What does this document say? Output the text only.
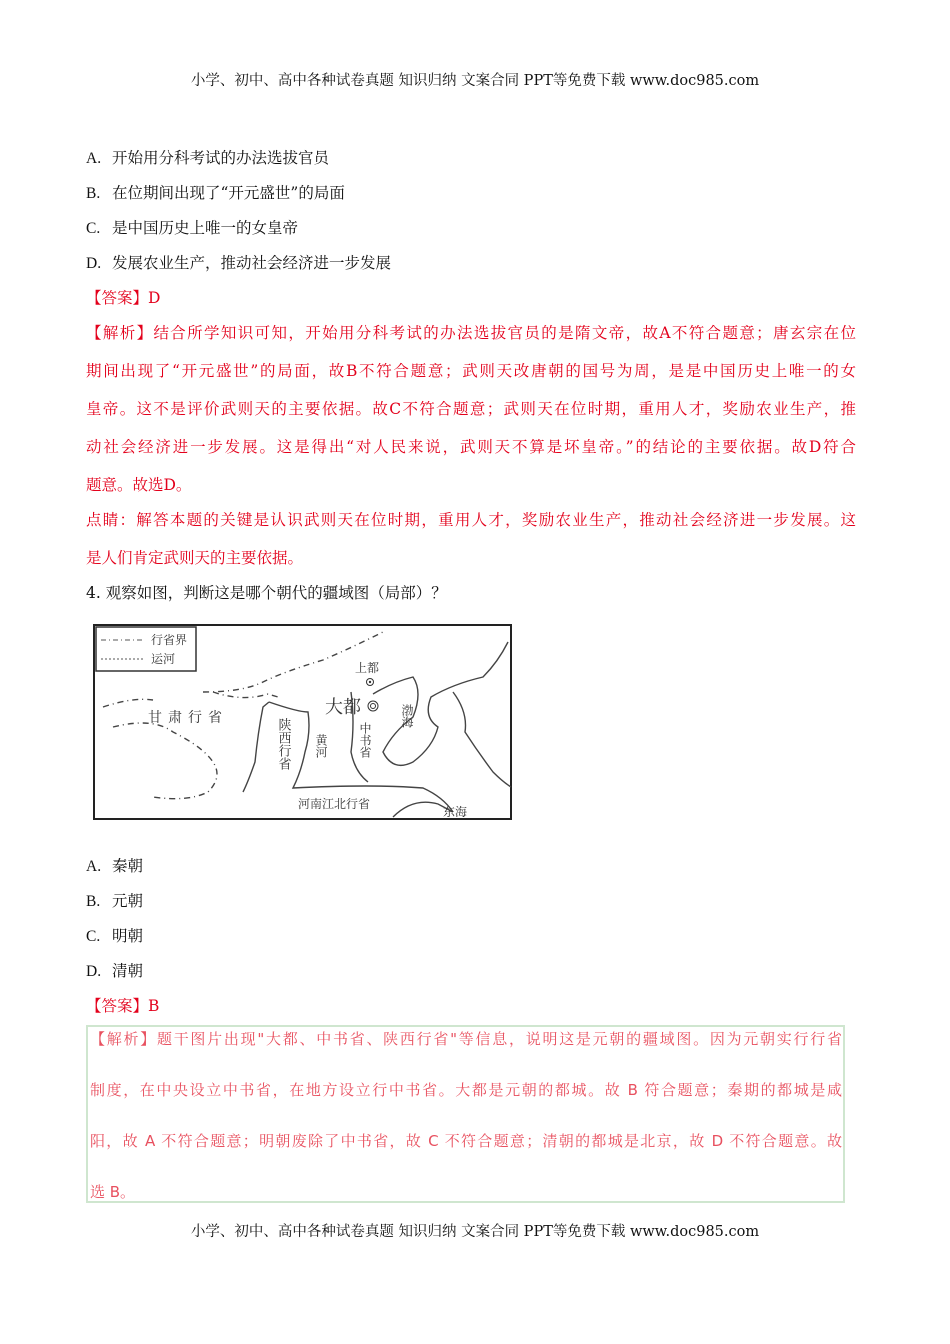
小学、初中、高中各种试卷真题 知识归纳 文案合同 PPT等免费下载 www.doc985.com
A. 开始用分科考试的办法选拔官员
B. 在位期间出现了“开元盛世”的局面
C. 是中国历史上唯一的女皇帝
D. 发展农业生产，推动社会经济进一步发展
【答案】D
【解析】结合所学知识可知，开始用分科考试的办法选拔官员的是隋文帝，故A不符合题意；唐玄宗在位
期间出现了“开元盛世”的局面，故B不符合题意；武则天改唐朝的国号为周，是是中国历史上唯一的女
皇帝。这不是评价武则天的主要依据。故C不符合题意；武则天在位时期，重用人才，奖励农业生产，推
动社会经济进一步发展。这是得出“对人民来说，武则天不算是坏皇帝。”的结论的主要依据。故D符合
题意。故选D。
点睛：解答本题的关键是认识武则天在位时期，重用人才，奖励农业生产，推动社会经济进一步发展。这
是人们肯定武则天的主要依据。
4. 观察如图，判断这是哪个朝代的疆域图（局部）？
行省界
运河
甘肃行省
上都
大都
河南江北行省
东海
陕西行省 黄河	中书省
渤海
A. 秦朝
B. 元朝
C. 明朝
D. 清朝
【答案】B
【解析】题干图片出现"大都、中书省、陕西行省"等信息，说明这是元朝的疆域图。因为元朝实行行省
制度，在中央设立中书省，在地方设立行中书省。大都是元朝的都城。故 B 符合题意；秦期的都城是咸
阳，故 A 不符合题意；明朝废除了中书省，故 C 不符合题意；清朝的都城是北京，故 D 不符合题意。故
选 B。
小学、初中、高中各种试卷真题 知识归纳 文案合同 PPT等免费下载 www.doc985.com
